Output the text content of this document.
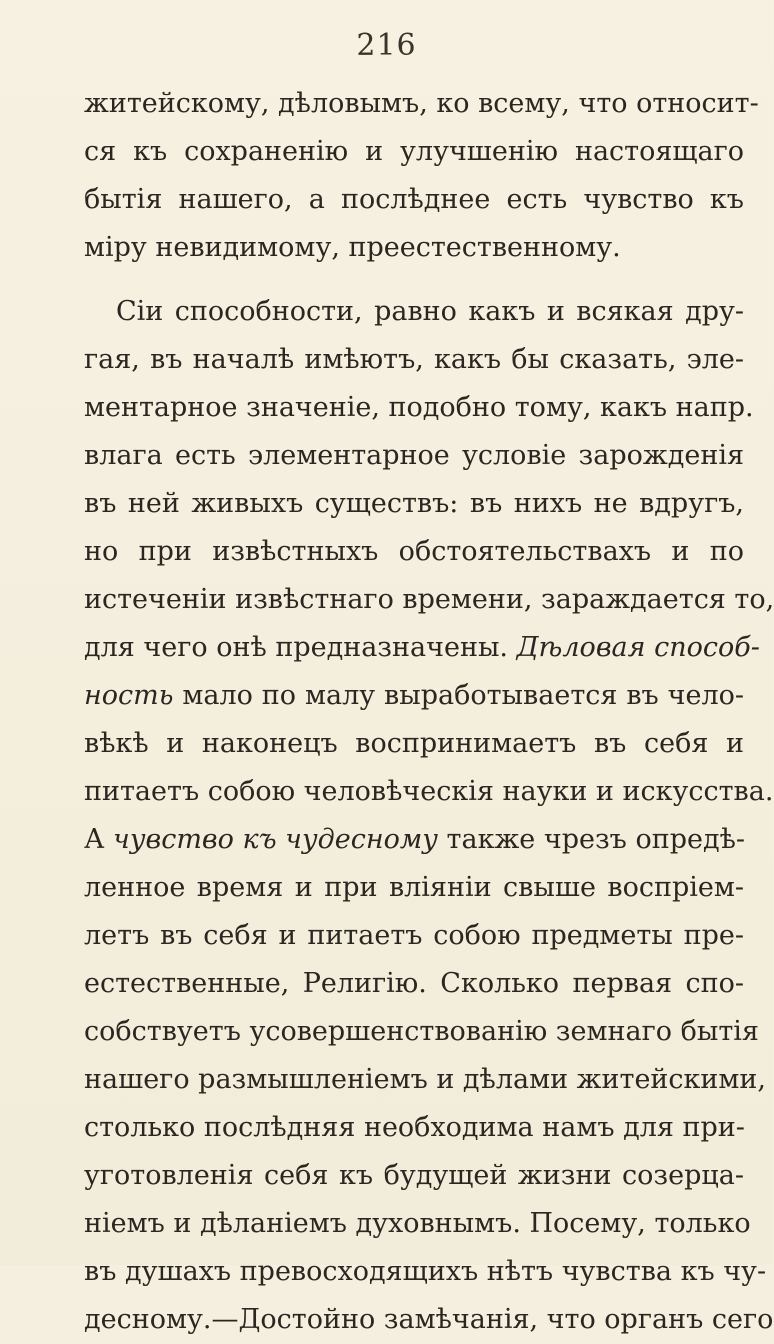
216
житейскому, дѣловымъ, ко всему, что относит-
ся къ сохраненію и улучшенію настоящаго
бытія нашего, а послѣднее есть чувство къ
міру невидимому, преестественному.
Сіи способности, равно какъ и всякая дру-
гая, въ началѣ имѣютъ, какъ бы сказать, эле-
ментарное значеніе, подобно тому, какъ напр.
влага есть элементарное условіе зарожденія
въ ней живыхъ существъ: въ нихъ не вдругъ,
но при извѣстныхъ обстоятельствахъ и по
истеченіи извѣстнаго времени, зараждается то,
для чего онѣ предназначены. Дѣловая способ-
ность мало по малу выработывается въ чело-
вѣкѣ и наконецъ воспринимаетъ въ себя и
питаетъ собою человѣческія науки и искусства.
А чувство къ чудесному также чрезъ опредѣ-
ленное время и при вліяніи свыше воспріем-
летъ въ себя и питаетъ собою предметы пре-
естественные, Религію. Сколько первая спо-
собствуетъ усовершенствованію земнаго бытія
нашего размышленіемъ и дѣлами житейскими,
столько послѣдняя необходима намъ для при-
уготовленія себя къ будущей жизни созерца-
ніемъ и дѣланіемъ духовнымъ. Посему, только
въ душахъ превосходящихъ нѣтъ чувства къ чу-
десному.—Достойно замѣчанія, что органъ сего
